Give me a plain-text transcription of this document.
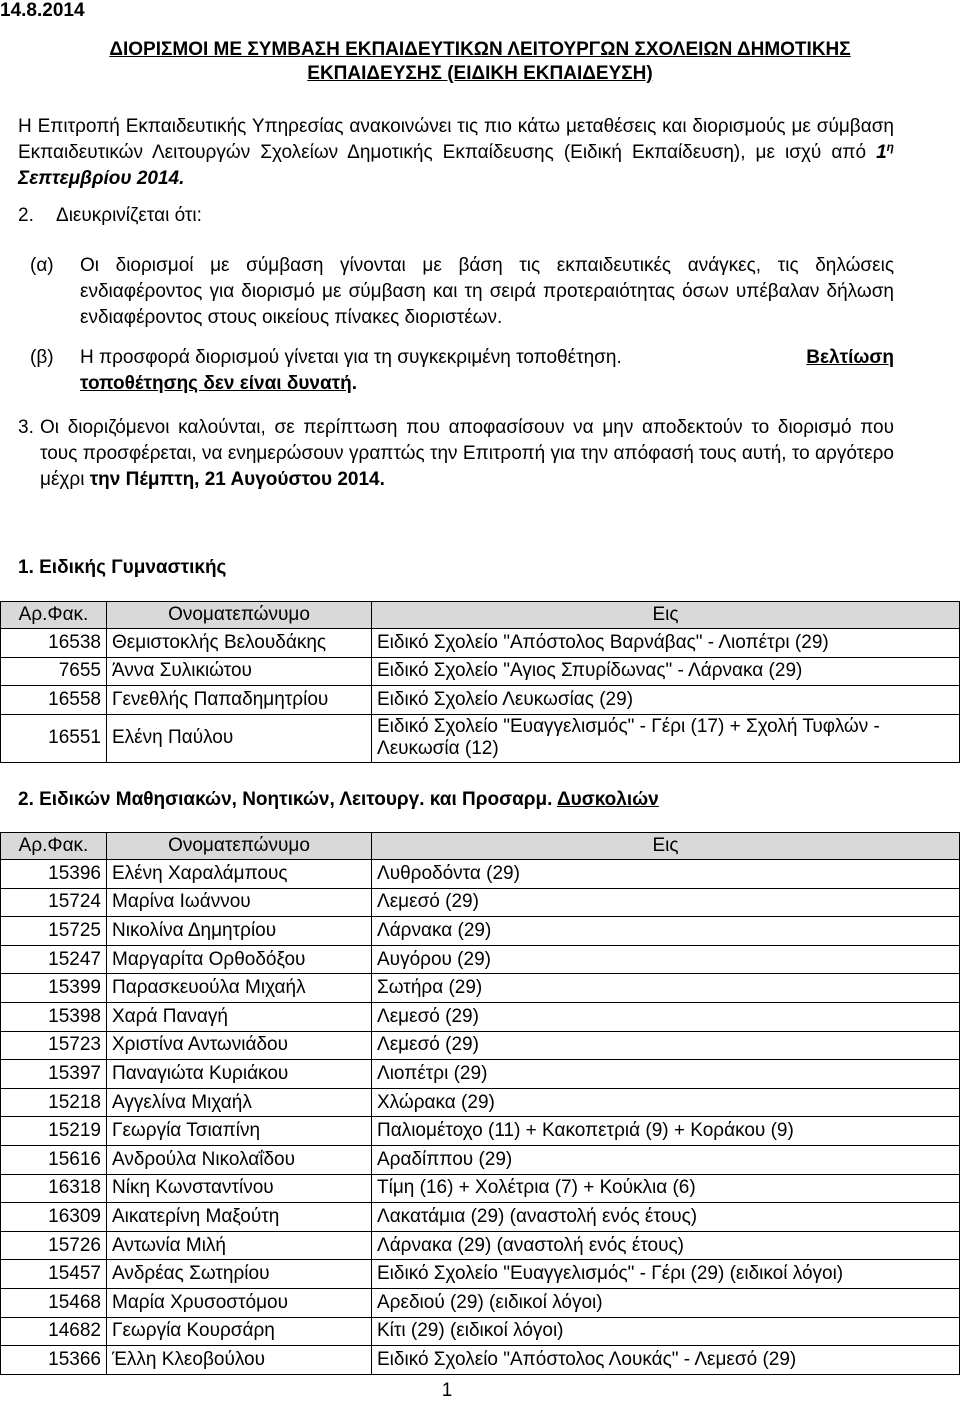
14.8.2014
ΔΙΟΡΙΣΜΟΙ ΜΕ ΣΥΜΒΑΣΗ ΕΚΠΑΙΔΕΥΤΙΚΩΝ ΛΕΙΤΟΥΡΓΩΝ ΣΧΟΛΕΙΩΝ ΔΗΜΟΤΙΚΗΣ
ΕΚΠΑΙΔΕΥΣΗΣ (ΕΙΔΙΚΗ ΕΚΠΑΙΔΕΥΣΗ)
Η Επιτροπή Εκπαιδευτικής Υπηρεσίας ανακοινώνει τις πιο κάτω μεταθέσεις και διορισμούς με σύμβαση Εκπαιδευτικών Λειτουργών Σχολείων Δημοτικής Εκπαίδευσης (Ειδική Εκπαίδευση), με ισχύ από $1^\eta$ Σεπτεμβρίου 2014.
2. Διευκρινίζεται ότι:
(α) Οι διορισμοί με σύμβαση γίνονται με βάση τις εκπαιδευτικές ανάγκες, τις δηλώσεις ενδιαφέροντος για διορισμό με σύμβαση και τη σειρά προτεραιότητας όσων υπέβαλαν δήλωση ενδιαφέροντος στους οικείους πίνακες διοριστέων.
(β) Η προσφορά διορισμού γίνεται για τη συγκεκριμένη τοποθέτηση.	Βελτίωση
τοποθέτησης δεν είναι δυνατή.
3. Οι διοριζόμενοι καλούνται, σε περίπτωση που αποφασίσουν να μην αποδεκτούν το διορισμό που τους προσφέρεται, να ενημερώσουν γραπτώς την Επιτροπή για την απόφασή τους αυτή, το αργότερο μέχρι την Πέμπτη, 21 Αυγούστου 2014.
1. Ειδικής Γυμναστικής
Αρ.Φακ.	Ονοματεπώνυμο	Εις
16538	Θεμιστοκλής Βελουδάκης	Ειδικό Σχολείο "Απόστολος Βαρνάβας" - Λιοπέτρι (29)
7655	Άννα Συλικιώτου	Ειδικό Σχολείο "Αγιος Σπυρίδωνας" - Λάρνακα (29)
16558	Γενεθλής Παπαδημητρίου	Ειδικό Σχολείο Λευκωσίας (29)
16551	Ελένη Παύλου	Ειδικό Σχολείο "Ευαγγελισμός" - Γέρι (17) + Σχολή Τυφλών - Λευκωσία (12)
2. Ειδικών Μαθησιακών, Νοητικών, Λειτουργ. και Προσαρμ. Δυσκολιών
Αρ.Φακ.	Ονοματεπώνυμο	Εις
15396	Ελένη Χαραλάμπους	Λυθροδόντα (29)
15724	Μαρίνα Ιωάννου	Λεμεσό (29)
15725	Νικολίνα Δημητρίου	Λάρνακα (29)
15247	Μαργαρίτα Ορθοδόξου	Αυγόρου (29)
15399	Παρασκευούλα Μιχαήλ	Σωτήρα (29)
15398	Χαρά Παναγή	Λεμεσό (29)
15723	Χριστίνα Αντωνιάδου	Λεμεσό (29)
15397	Παναγιώτα Κυριάκου	Λιοπέτρι (29)
15218	Αγγελίνα Μιχαήλ	Χλώρακα (29)
15219	Γεωργία Τσιαπίνη	Παλιομέτοχο (11) + Κακοπετριά (9) + Κοράκου (9)
15616	Ανδρούλα Νικολαΐδου	Αραδίππου (29)
16318	Νίκη Κωνσταντίνου	Τίμη (16) + Χολέτρια (7) + Κούκλια (6)
16309	Αικατερίνη Μαξούτη	Λακατάμια (29) (αναστολή ενός έτους)
15726	Αντωνία Μιλή	Λάρνακα (29) (αναστολή ενός έτους)
15457	Ανδρέας Σωτηρίου	Ειδικό Σχολείο "Ευαγγελισμός" - Γέρι (29) (ειδικοί λόγοι)
15468	Μαρία Χρυσοστόμου	Αρεδιού (29) (ειδικοί λόγοι)
14682	Γεωργία Κουρσάρη	Κίτι (29) (ειδικοί λόγοι)
15366	Έλλη Κλεοβούλου	Ειδικό Σχολείο "Απόστολος Λουκάς" - Λεμεσό (29)
1
